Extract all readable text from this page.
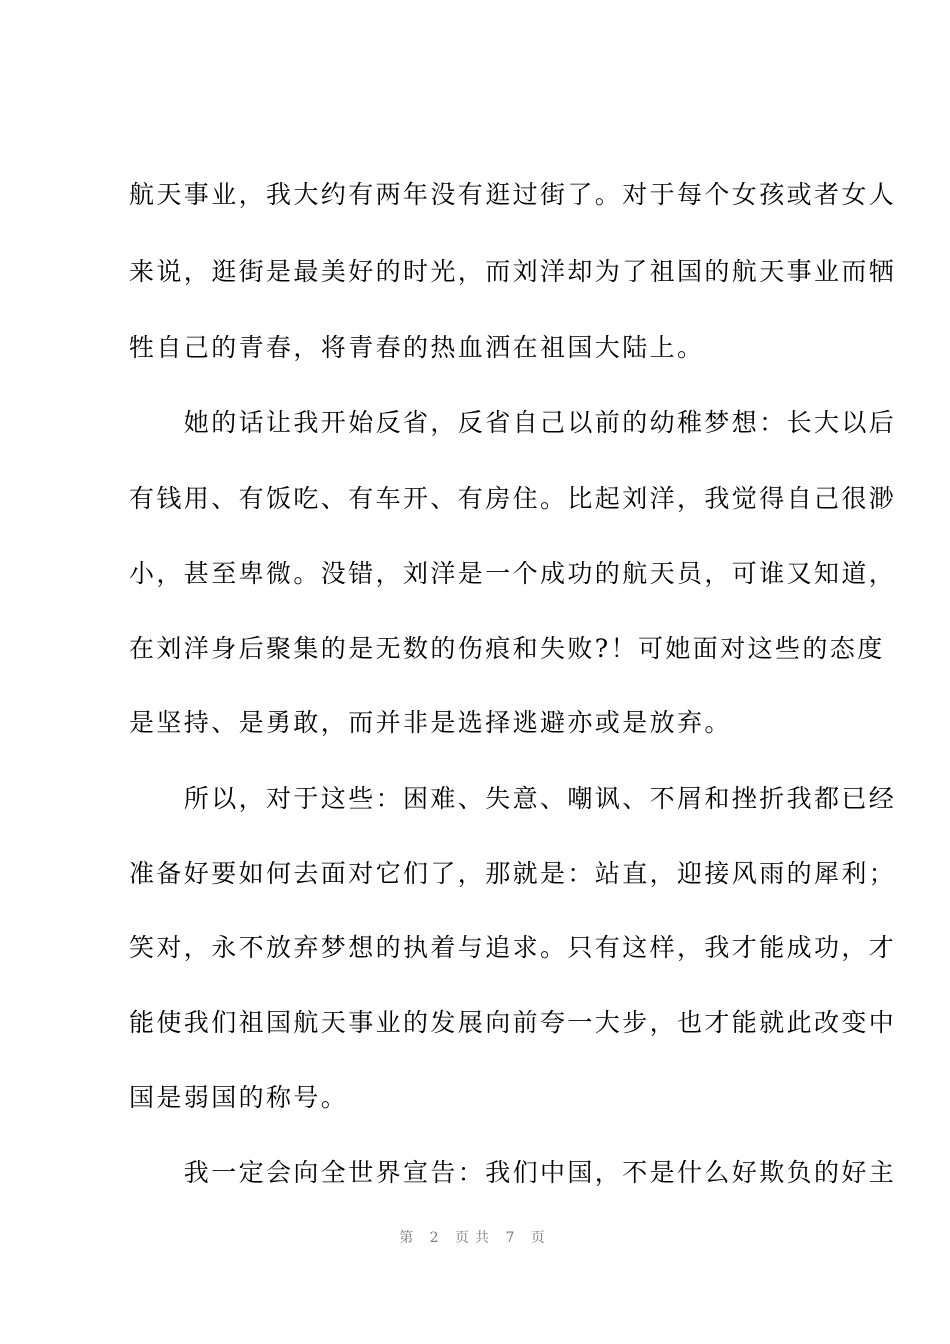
航天事业，我大约有两年没有逛过街了。对于每个女孩或者女人
来说，逛街是最美好的时光，而刘洋却为了祖国的航天事业而牺
牲自己的青春，将青春的热血洒在祖国大陆上。
　　她的话让我开始反省，反省自己以前的幼稚梦想：长大以后
有钱用、有饭吃、有车开、有房住。比起刘洋，我觉得自己很渺
小，甚至卑微。没错，刘洋是一个成功的航天员，可谁又知道，
在刘洋身后聚集的是无数的伤痕和失败?！可她面对这些的态度
是坚持、是勇敢，而并非是选择逃避亦或是放弃。
　　所以，对于这些：困难、失意、嘲讽、不屑和挫折我都已经
准备好要如何去面对它们了，那就是：站直，迎接风雨的犀利；
笑对，永不放弃梦想的执着与追求。只有这样，我才能成功，才
能使我们祖国航天事业的发展向前夸一大步，也才能就此改变中
国是弱国的称号。
　　我一定会向全世界宣告：我们中国，不是什么好欺负的好主
第 2 页共 7 页
